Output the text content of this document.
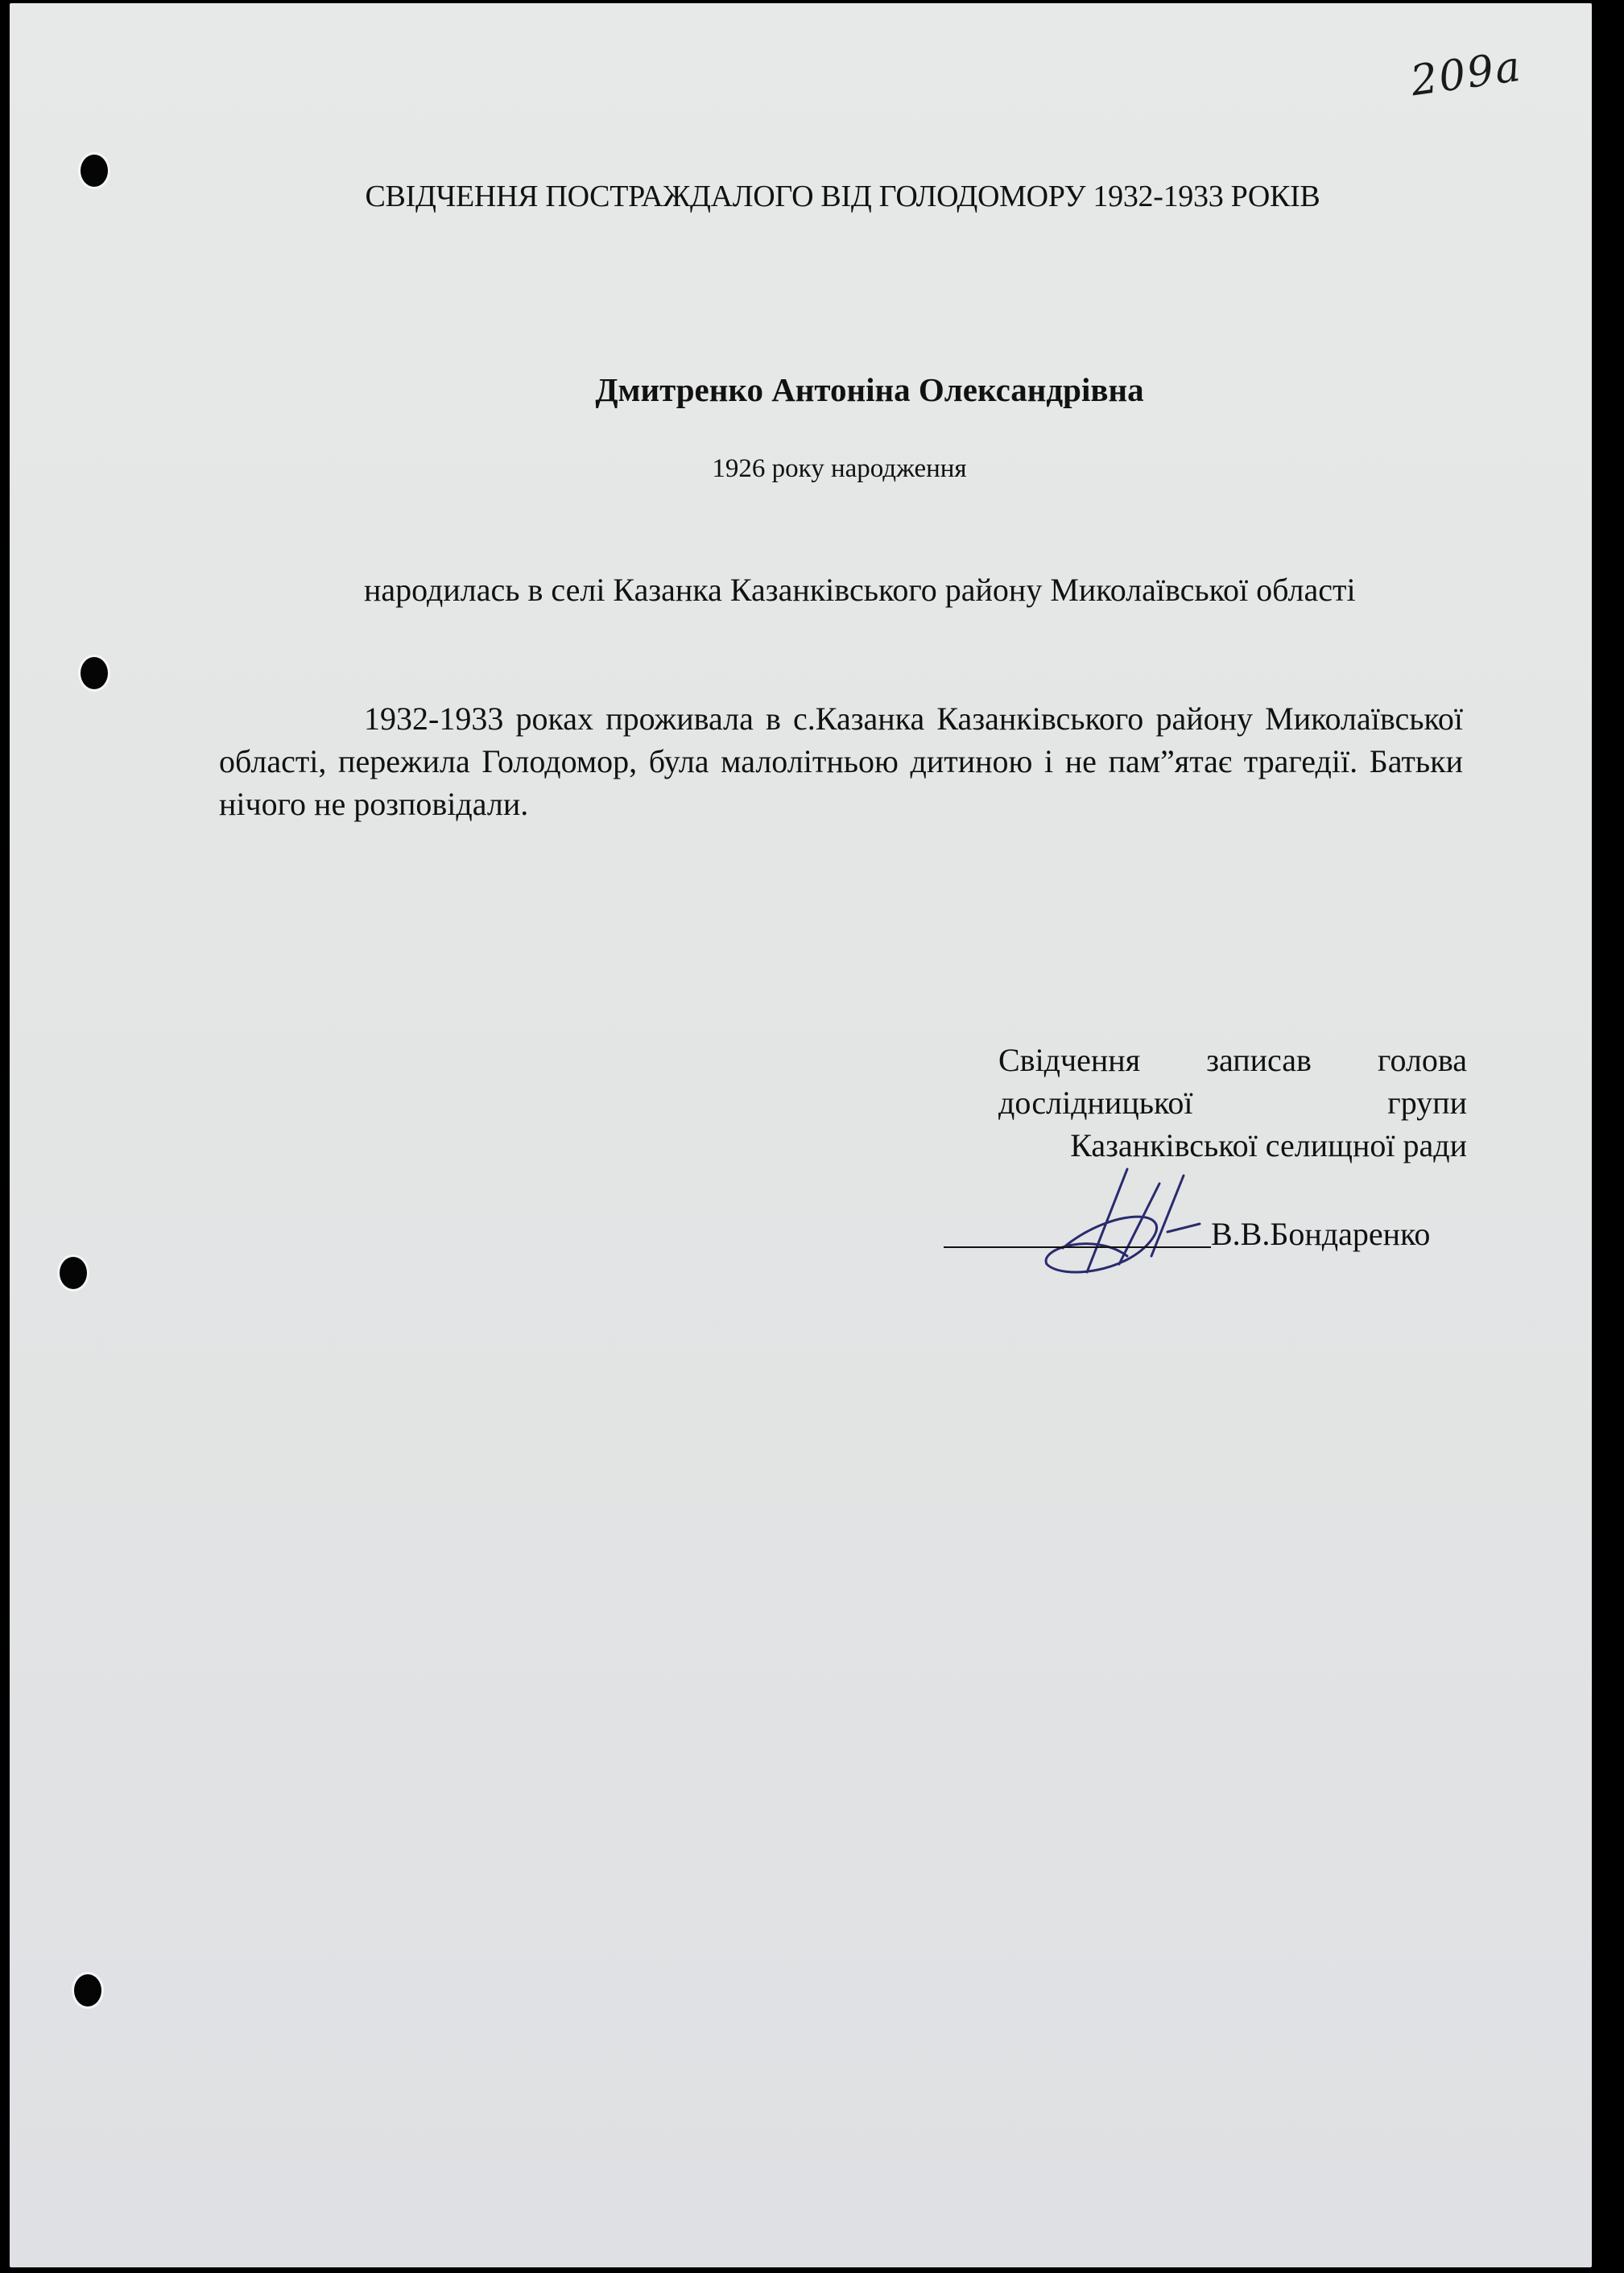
209а
СВІДЧЕННЯ ПОСТРАЖДАЛОГО ВІД ГОЛОДОМОРУ 1932-1933 РОКІВ
Дмитренко Антоніна Олександрівна
1926 року народження
народилась в селі Казанка Казанківського району Миколаївської області
1932-1933 роках проживала в с.Казанка Казанківського району Миколаївської області, пережила Голодомор, була малолітньою дитиною і не пам”ятає трагедії. Батьки нічого не розповідали.
Свідчення записав голова
дослідницької групи
Казанківської селищної ради
В.В.Бондаренко
